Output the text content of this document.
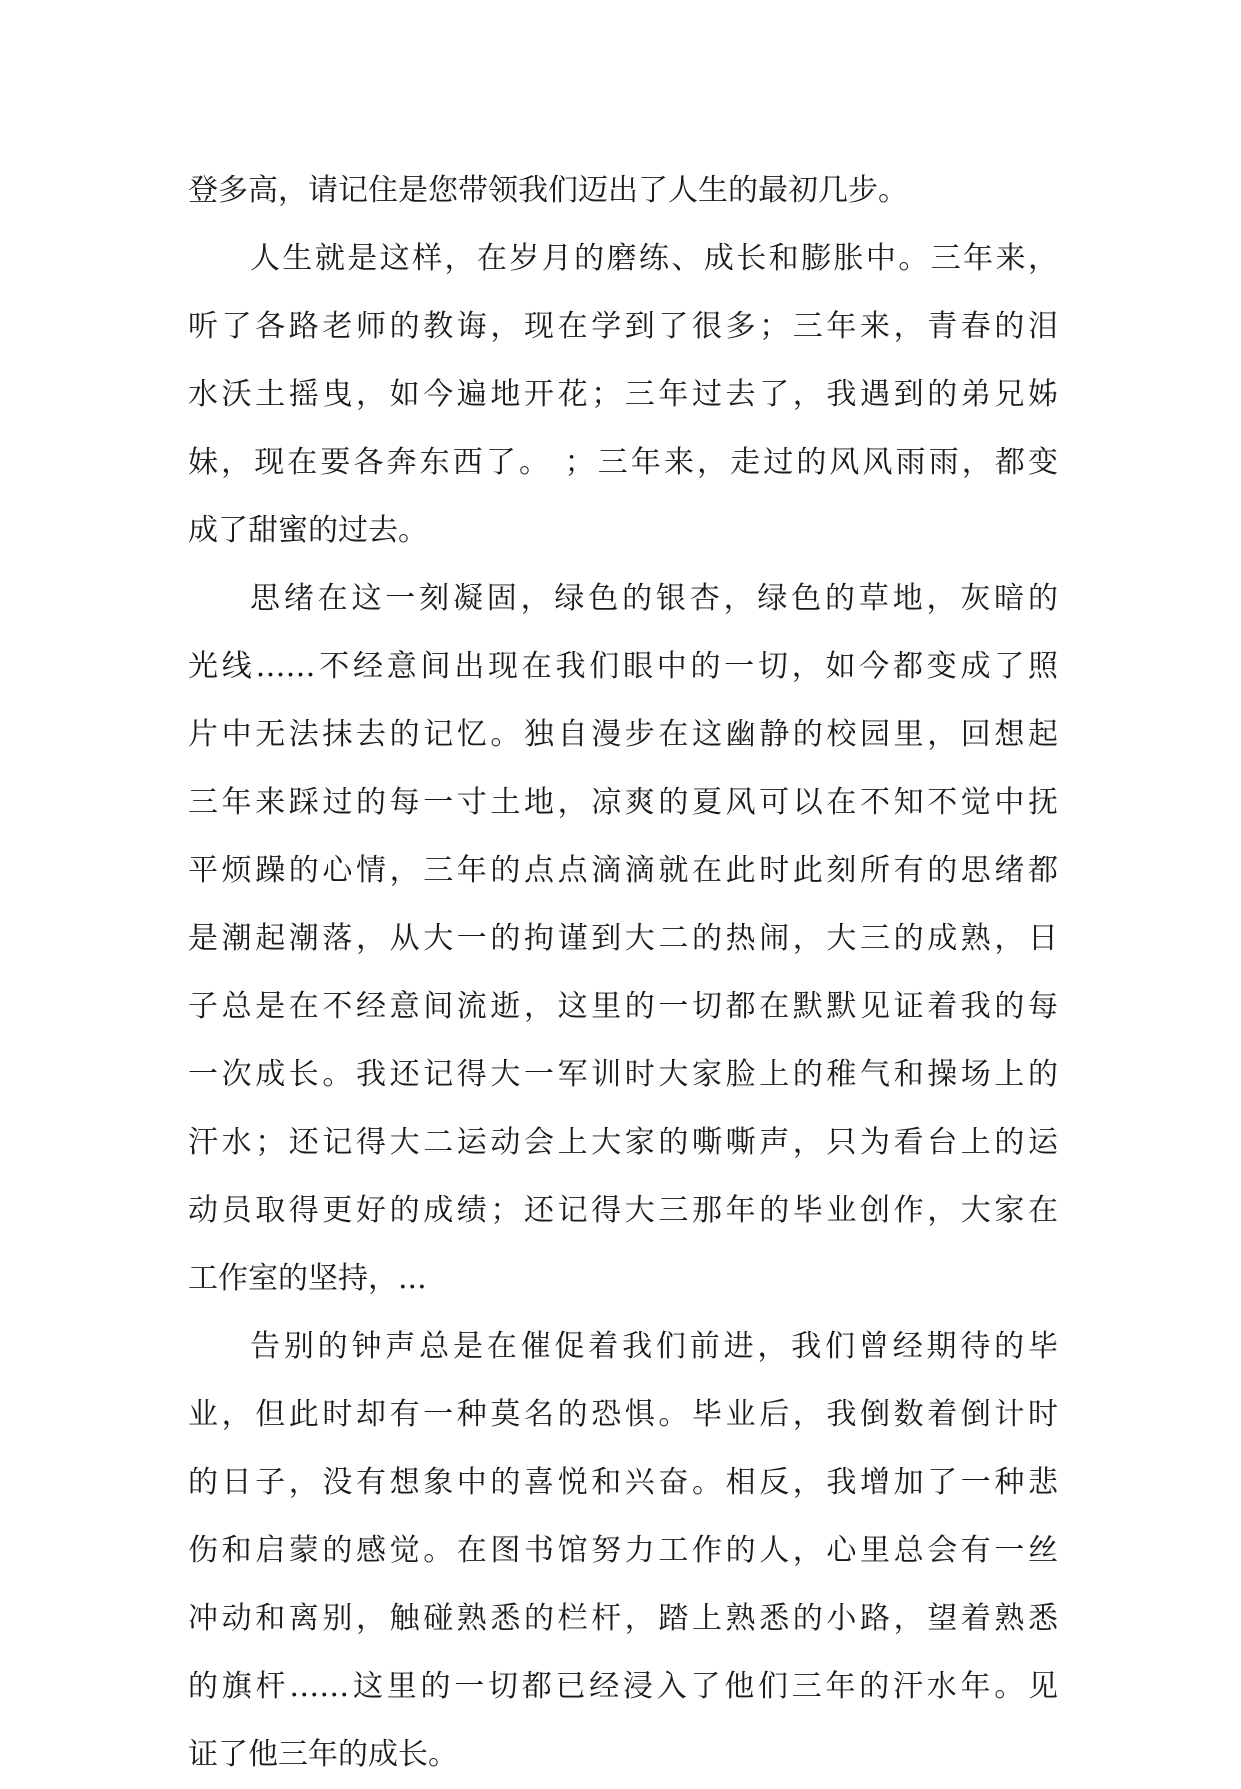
登多高，请记住是您带领我们迈出了人生的最初几步。
人生就是这样，在岁月的磨练、成长和膨胀中。三年来，
听了各路老师的教诲，现在学到了很多；三年来，青春的泪
水沃土摇曳，如今遍地开花；三年过去了，我遇到的弟兄姊
妹，现在要各奔东西了。 ；三年来，走过的风风雨雨，都变
成了甜蜜的过去。
思绪在这一刻凝固，绿色的银杏，绿色的草地，灰暗的
光线……不经意间出现在我们眼中的一切，如今都变成了照
片中无法抹去的记忆。独自漫步在这幽静的校园里，回想起
三年来踩过的每一寸土地，凉爽的夏风可以在不知不觉中抚
平烦躁的心情，三年的点点滴滴就在此时此刻所有的思绪都
是潮起潮落，从大一的拘谨到大二的热闹，大三的成熟，日
子总是在不经意间流逝，这里的一切都在默默见证着我的每
一次成长。我还记得大一军训时大家脸上的稚气和操场上的
汗水；还记得大二运动会上大家的嘶嘶声，只为看台上的运
动员取得更好的成绩；还记得大三那年的毕业创作，大家在
工作室的坚持，...
告别的钟声总是在催促着我们前进，我们曾经期待的毕
业，但此时却有一种莫名的恐惧。毕业后，我倒数着倒计时
的日子，没有想象中的喜悦和兴奋。相反，我增加了一种悲
伤和启蒙的感觉。在图书馆努力工作的人，心里总会有一丝
冲动和离别，触碰熟悉的栏杆，踏上熟悉的小路，望着熟悉
的旗杆……这里的一切都已经浸入了他们三年的汗水年。见
证了他三年的成长。
